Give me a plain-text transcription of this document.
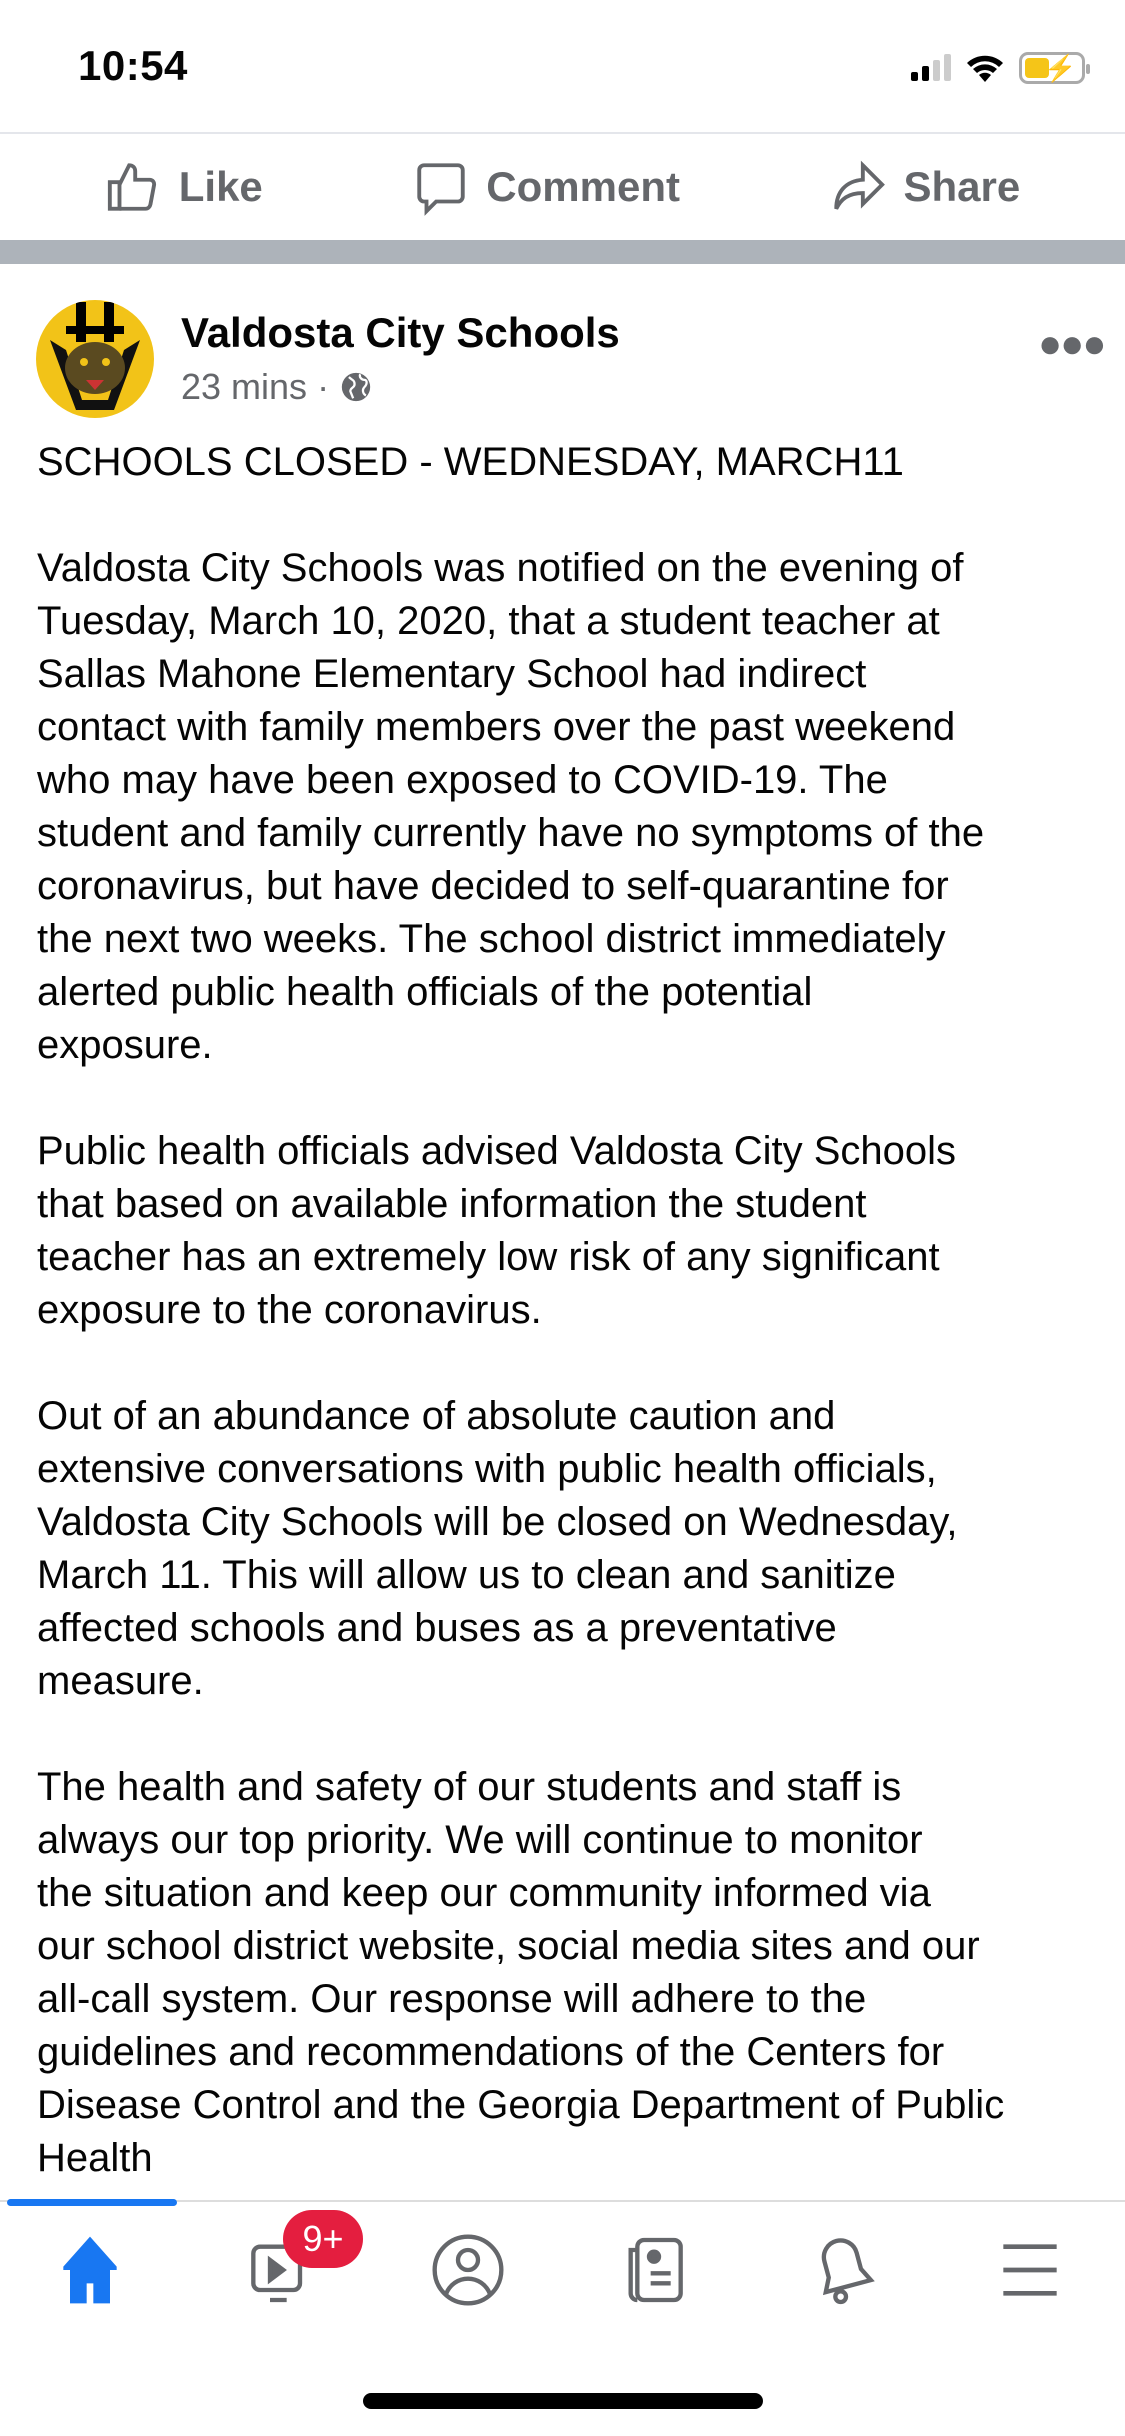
10:54	⚡
Like	Comment	Share
Valdosta City Schools
23 mins ·
●●●
SCHOOLS CLOSED - WEDNESDAY, MARCH11
Valdosta City Schools was notified on the evening of
Tuesday, March 10, 2020, that a student teacher at
Sallas Mahone Elementary School had indirect
contact with family members over the past weekend
who may have been exposed to COVID-19. The
student and family currently have no symptoms of the
coronavirus, but have decided to self-quarantine for
the next two weeks. The school district immediately
alerted public health officials of the potential
exposure.
Public health officials advised Valdosta City Schools
that based on available information the student
teacher has an extremely low risk of any significant
exposure to the coronavirus.
Out of an abundance of absolute caution and
extensive conversations with public health officials,
Valdosta City Schools will be closed on Wednesday,
March 11. This will allow us to clean and sanitize
affected schools and buses as a preventative
measure.
The health and safety of our students and staff is
always our top priority. We will continue to monitor
the situation and keep our community informed via
our school district website, social media sites and our
all-call system. Our response will adhere to the
guidelines and recommendations of the Centers for
Disease Control and the Georgia Department of Public
Health
9+
